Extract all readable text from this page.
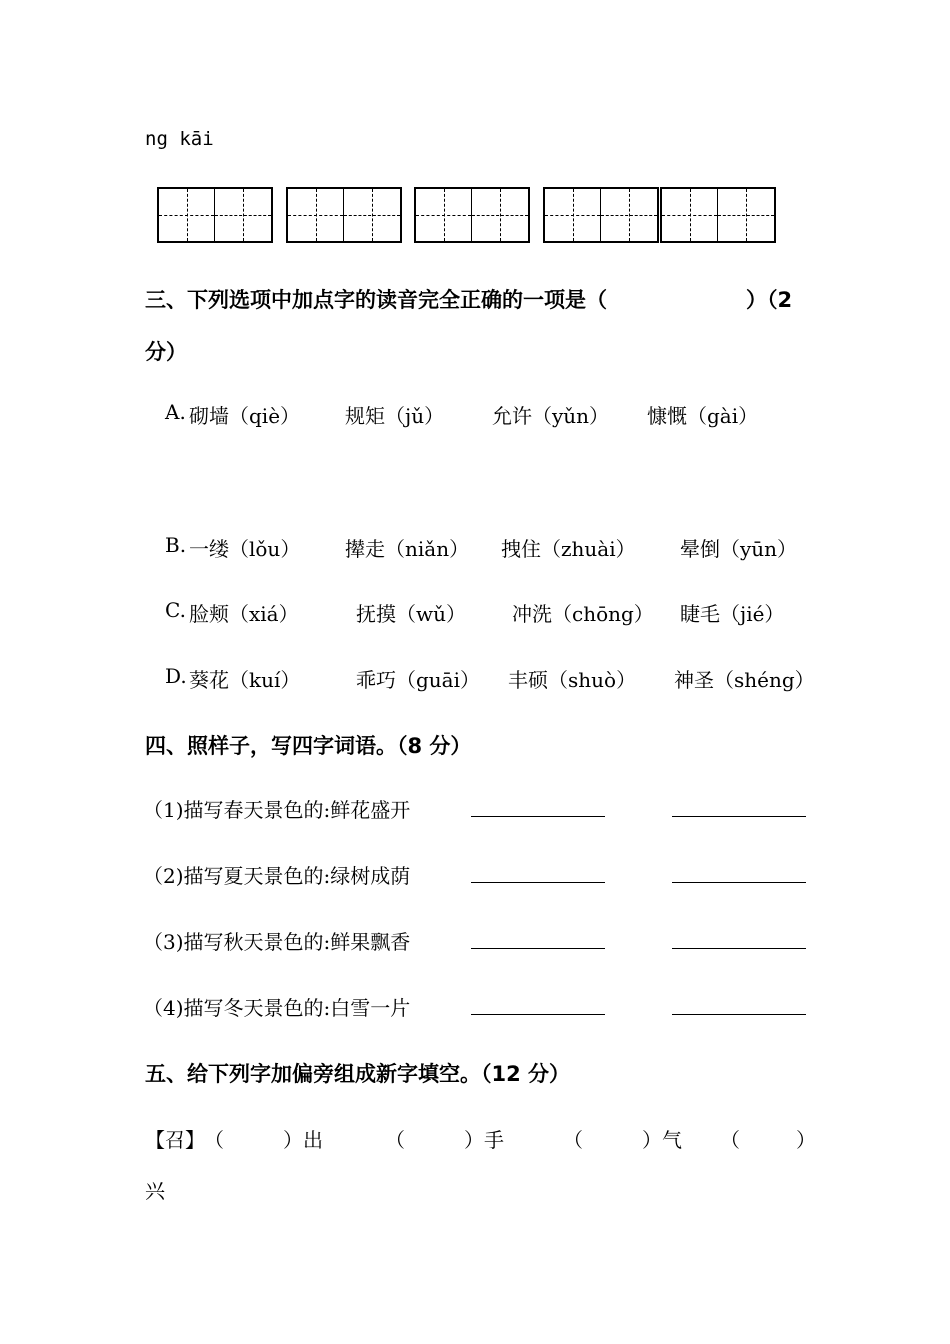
ng kāi
三、下列选项中加点字的读音完全正确的一项是（	）（2
分）
A. 砌墙（qiè） 规矩（jǔ） 允许（yǔn） 慷慨（gài）
B. 一缕（lǒu） 撵走（niǎn） 拽住（zhuài） 晕倒（yūn）
C. 脸颊（xiá）	抚摸（wǔ） 冲洗（chōng） 睫毛（jié）
D. 葵花（kuí）	乖巧（guāi） 丰硕（shuò） 神圣（shéng）
四、照样子，写四字词语。（8 分）
（1)描写春天景色的:鲜花盛开
（2)描写夏天景色的:绿树成荫
（3)描写秋天景色的:鲜果飘香
（4)描写冬天景色的:白雪一片
五、给下列字加偏旁组成新字填空。（12 分）
【召】 （	） 出	（	） 手	（	） 气 （	）
兴
